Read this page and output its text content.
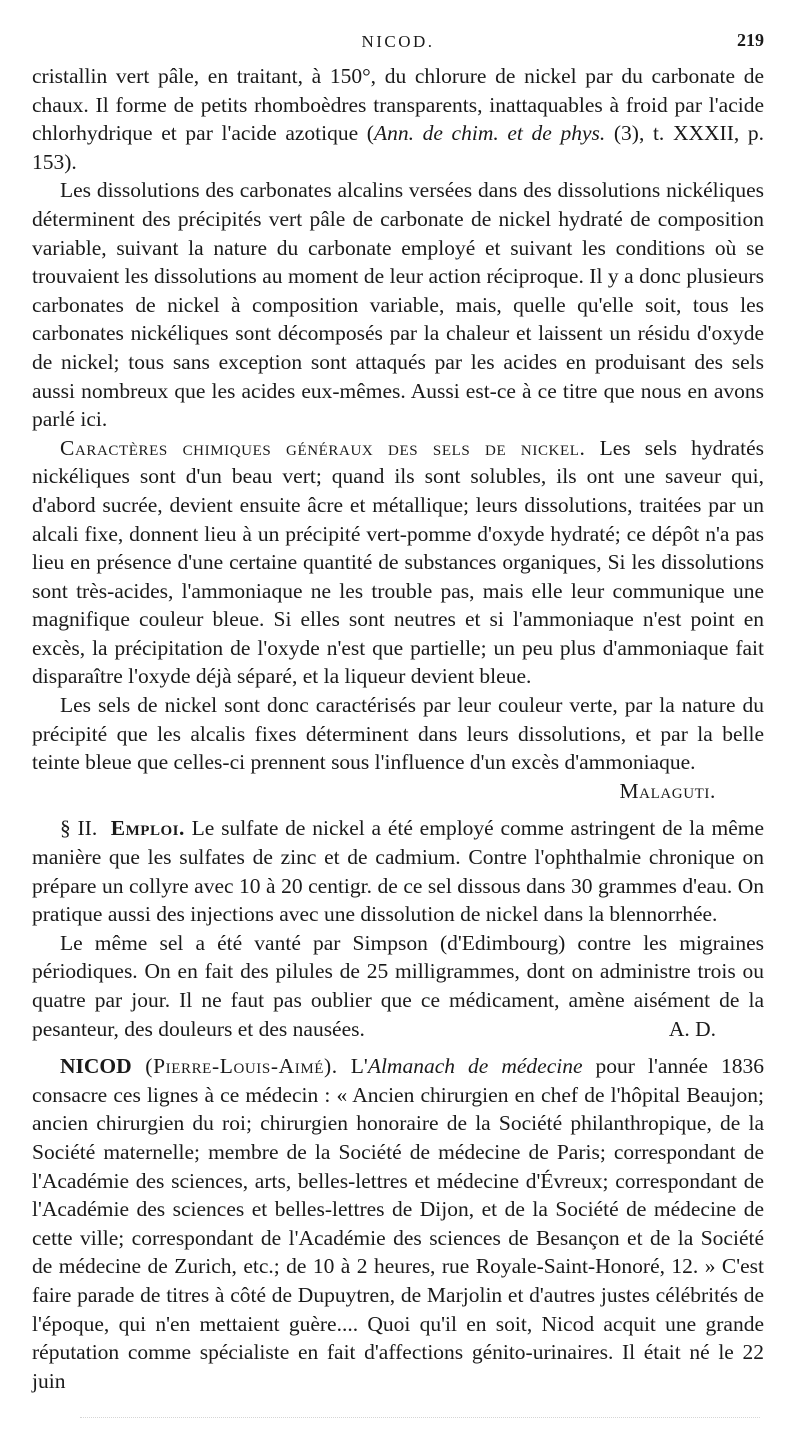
NICOD.	219

cristallin vert pâle, en traitant, à 150°, du chlorure de nickel par du carbonate de chaux. Il forme de petits rhomboèdres transparents, inattaquables à froid par l'acide chlorhydrique et par l'acide azotique (Ann. de chim. et de phys. (3), t. XXXII, p. 153).

Les dissolutions des carbonates alcalins versées dans des dissolutions nickéliques déterminent des précipités vert pâle de carbonate de nickel hydraté de composition variable, suivant la nature du carbonate employé et suivant les conditions où se trouvaient les dissolutions au moment de leur action réciproque. Il y a donc plusieurs carbonates de nickel à composition variable, mais, quelle qu'elle soit, tous les carbonates nickéliques sont décomposés par la chaleur et laissent un résidu d'oxyde de nickel; tous sans exception sont attaqués par les acides en produisant des sels aussi nombreux que les acides eux-mêmes. Aussi est-ce à ce titre que nous en avons parlé ici.

Caractères chimiques généraux des sels de nickel. Les sels hydratés nickéliques sont d'un beau vert; quand ils sont solubles, ils ont une saveur qui, d'abord sucrée, devient ensuite âcre et métallique; leurs dissolutions, traitées par un alcali fixe, donnent lieu à un précipité vert-pomme d'oxyde hydraté; ce dépôt n'a pas lieu en présence d'une certaine quantité de substances organiques, Si les dissolutions sont très-acides, l'ammoniaque ne les trouble pas, mais elle leur communique une magnifique couleur bleue. Si elles sont neutres et si l'ammoniaque n'est point en excès, la précipitation de l'oxyde n'est que partielle; un peu plus d'ammoniaque fait disparaître l'oxyde déjà séparé, et la liqueur devient bleue.

Les sels de nickel sont donc caractérisés par leur couleur verte, par la nature du précipité que les alcalis fixes déterminent dans leurs dissolutions, et par la belle teinte bleue que celles-ci prennent sous l'influence d'un excès d'ammoniaque.
Malaguti.

§ II. Emploi. Le sulfate de nickel a été employé comme astringent de la même manière que les sulfates de zinc et de cadmium. Contre l'ophthalmie chronique on prépare un collyre avec 10 à 20 centigr. de ce sel dissous dans 30 grammes d'eau. On pratique aussi des injections avec une dissolution de nickel dans la blennorrhée.

Le même sel a été vanté par Simpson (d'Edimbourg) contre les migraines périodiques. On en fait des pilules de 25 milligrammes, dont on administre trois ou quatre par jour. Il ne faut pas oublier que ce médicament, amène aisément de la pesanteur, des douleurs et des nausées.	A. D.

NICOD (Pierre-Louis-Aimé). L'Almanach de médecine pour l'année 1836 consacre ces lignes à ce médecin : « Ancien chirurgien en chef de l'hôpital Beaujon; ancien chirurgien du roi; chirurgien honoraire de la Société philanthropique, de la Société maternelle; membre de la Société de médecine de Paris; correspondant de l'Académie des sciences, arts, belles-lettres et médecine d'Évreux; correspondant de l'Académie des sciences et belles-lettres de Dijon, et de la Société de médecine de cette ville; correspondant de l'Académie des sciences de Besançon et de la Société de médecine de Zurich, etc.; de 10 à 2 heures, rue Royale-Saint-Honoré, 12. » C'est faire parade de titres à côté de Dupuytren, de Marjolin et d'autres justes célébrités de l'époque, qui n'en mettaient guère.... Quoi qu'il en soit, Nicod acquit une grande réputation comme spécialiste en fait d'affections génito-urinaires. Il était né le 22 juin
